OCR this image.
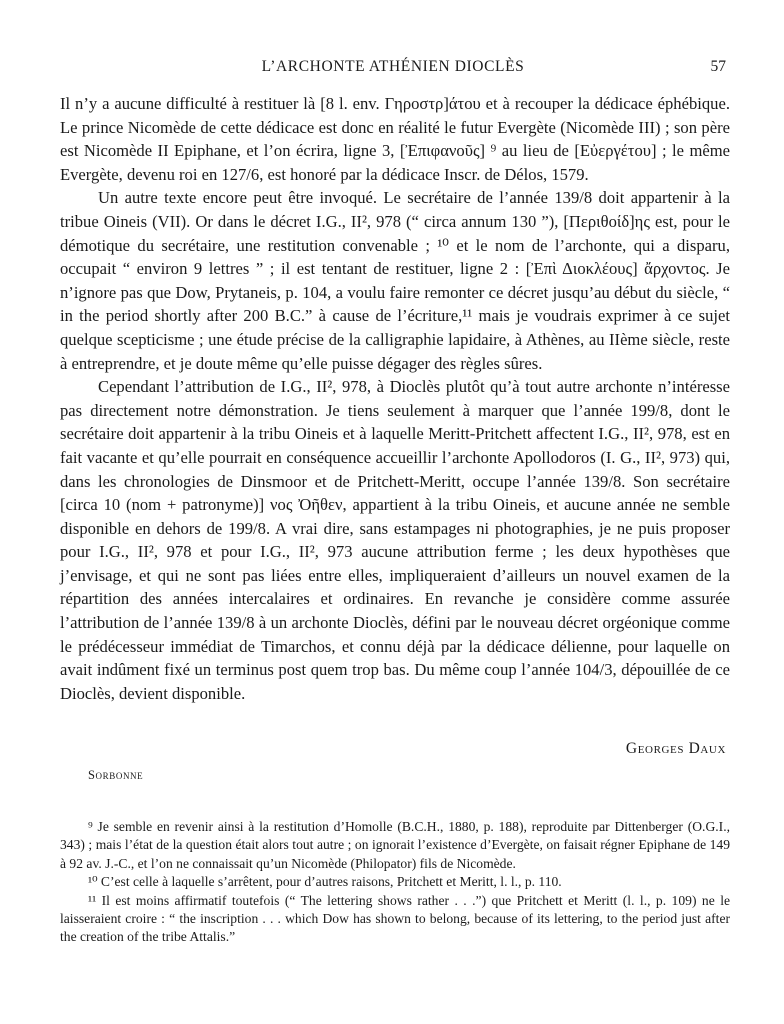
L’ARCHONTE ATHÉNIEN DIOCLÈS	57

Il n’y a aucune difficulté à restituer là [8 l. env. Γηροστρ]άτου et à recouper la dédicace éphébique. Le prince Nicomède de cette dédicace est donc en réalité le futur Evergète (Nicomède III) ; son père est Nicomède II Epiphane, et l’on écrira, ligne 3, [Ἐπιφανοῦς] ⁹ au lieu de [Εὐεργέτου] ; le même Evergète, devenu roi en 127/6, est honoré par la dédicace Inscr. de Délos, 1579.

Un autre texte encore peut être invoqué. Le secrétaire de l’année 139/8 doit appartenir à la tribue Oineis (VII). Or dans le décret I.G., II², 978 (“ circa annum 130 ”), [Περιθοίδ]ης est, pour le démotique du secrétaire, une restitution convenable ; ¹⁰ et le nom de l’archonte, qui a disparu, occupait “ environ 9 lettres ” ; il est tentant de restituer, ligne 2 : [Ἐπὶ Διοκλέους] ἄρχοντος. Je n’ignore pas que Dow, Prytaneis, p. 104, a voulu faire remonter ce décret jusqu’au début du siècle, “ in the period shortly after 200 B.C.” à cause de l’écriture,¹¹ mais je voudrais exprimer à ce sujet quelque scepticisme ; une étude précise de la calligraphie lapidaire, à Athènes, au IIème siècle, reste à entreprendre, et je doute même qu’elle puisse dégager des règles sûres.

Cependant l’attribution de I.G., II², 978, à Dioclès plutôt qu’à tout autre archonte n’intéresse pas directement notre démonstration. Je tiens seulement à marquer que l’année 199/8, dont le secrétaire doit appartenir à la tribu Oineis et à laquelle Meritt-Pritchett affectent I.G., II², 978, est en fait vacante et qu’elle pourrait en conséquence accueillir l’archonte Apollodoros (I. G., II², 973) qui, dans les chronologies de Dinsmoor et de Pritchett-Meritt, occupe l’année 139/8. Son secrétaire [circa 10 (nom + patronyme)] νος Ὀῆθεν, appartient à la tribu Oineis, et aucune année ne semble disponible en dehors de 199/8. A vrai dire, sans estampages ni photographies, je ne puis proposer pour I.G., II², 978 et pour I.G., II², 973 aucune attribution ferme ; les deux hypothèses que j’envisage, et qui ne sont pas liées entre elles, impliqueraient d’ailleurs un nouvel examen de la répartition des années intercalaires et ordinaires. En revanche je considère comme assurée l’attribution de l’année 139/8 à un archonte Dioclès, défini par le nouveau décret orgéonique comme le prédécesseur immédiat de Timarchos, et connu déjà par la dédicace délienne, pour laquelle on avait indûment fixé un terminus post quem trop bas. Du même coup l’année 104/3, dépouillée de ce Dioclès, devient disponible.

Georges Daux
Sorbonne

⁹ Je semble en revenir ainsi à la restitution d’Homolle (B.C.H., 1880, p. 188), reproduite par Dittenberger (O.G.I., 343) ; mais l’état de la question était alors tout autre ; on ignorait l’existence d’Evergète, on faisait régner Epiphane de 149 à 92 av. J.-C., et l’on ne connaissait qu’un Nicomède (Philopator) fils de Nicomède.

¹⁰ C’est celle à laquelle s’arrêtent, pour d’autres raisons, Pritchett et Meritt, l. l., p. 110.

¹¹ Il est moins affirmatif toutefois (“ The lettering shows rather . . .”) que Pritchett et Meritt (l. l., p. 109) ne le laisseraient croire : “ the inscription . . . which Dow has shown to belong, because of its lettering, to the period just after the creation of the tribe Attalis.”
